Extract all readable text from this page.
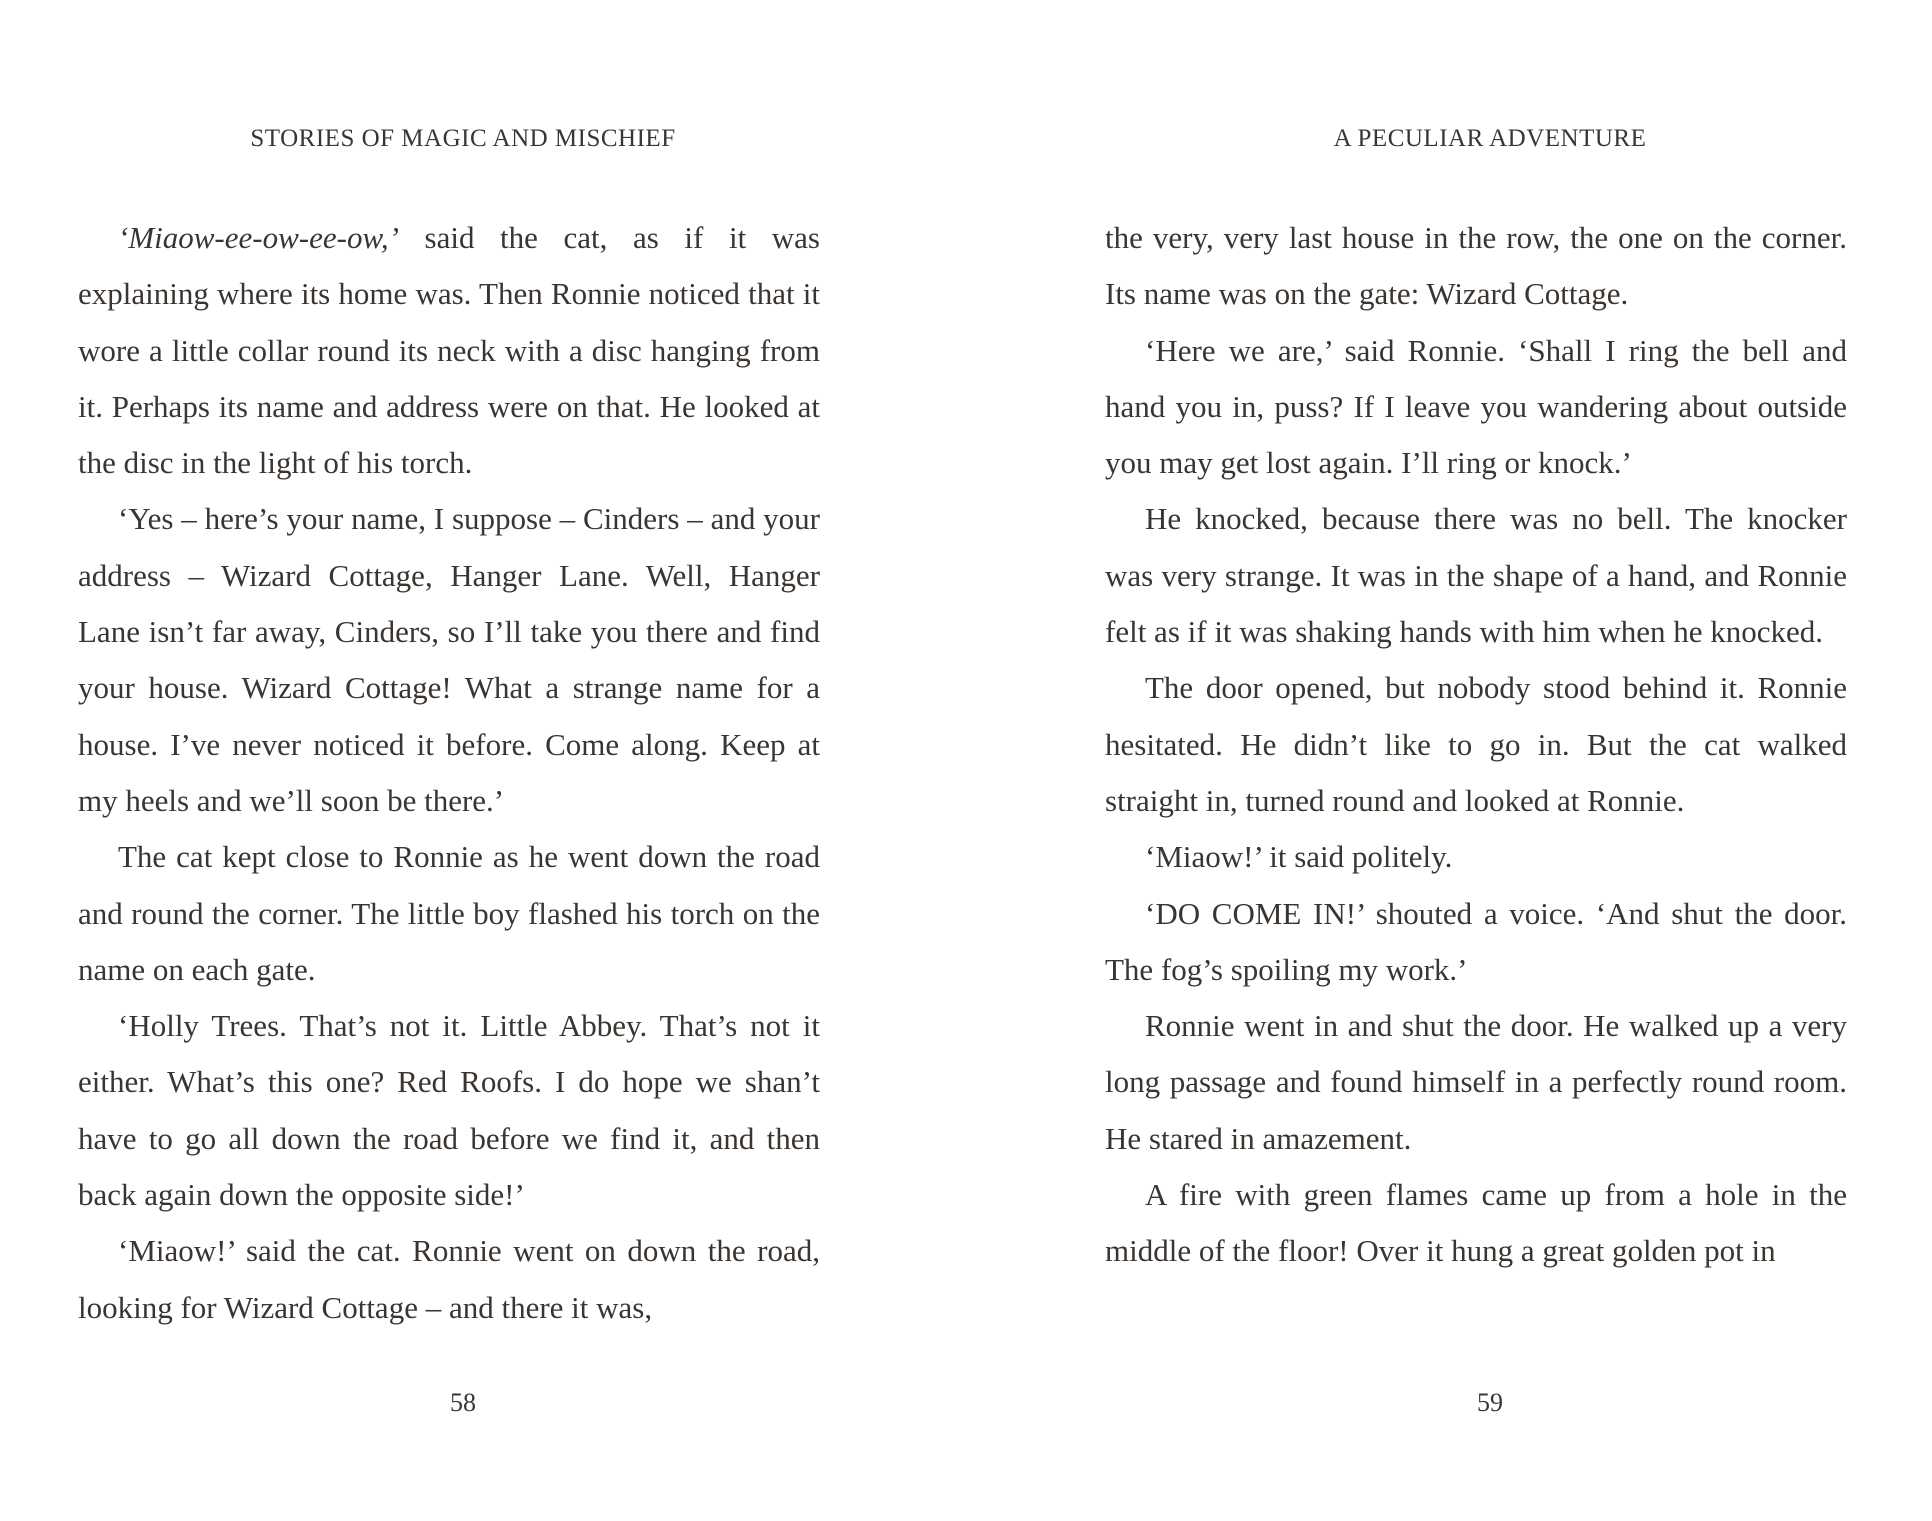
STORIES OF MAGIC AND MISCHIEF

‘Miaow-ee-ow-ee-ow,’ said the cat, as if it was explaining where its home was. Then Ronnie noticed that it wore a little collar round its neck with a disc hanging from it. Perhaps its name and address were on that. He looked at the disc in the light of his torch.

‘Yes – here’s your name, I suppose – Cinders – and your address – Wizard Cottage, Hanger Lane. Well, Hanger Lane isn’t far away, Cinders, so I’ll take you there and find your house. Wizard Cottage! What a strange name for a house. I’ve never noticed it before. Come along. Keep at my heels and we’ll soon be there.’

The cat kept close to Ronnie as he went down the road and round the corner. The little boy flashed his torch on the name on each gate.

‘Holly Trees. That’s not it. Little Abbey. That’s not it either. What’s this one? Red Roofs. I do hope we shan’t have to go all down the road before we find it, and then back again down the opposite side!’

‘Miaow!’ said the cat. Ronnie went on down the road, looking for Wizard Cottage – and there it was,

58
A PECULIAR ADVENTURE

the very, very last house in the row, the one on the corner. Its name was on the gate: Wizard Cottage.

‘Here we are,’ said Ronnie. ‘Shall I ring the bell and hand you in, puss? If I leave you wandering about outside you may get lost again. I’ll ring or knock.’

He knocked, because there was no bell. The knocker was very strange. It was in the shape of a hand, and Ronnie felt as if it was shaking hands with him when he knocked.

The door opened, but nobody stood behind it. Ronnie hesitated. He didn’t like to go in. But the cat walked straight in, turned round and looked at Ronnie.

‘Miaow!’ it said politely.

‘DO COME IN!’ shouted a voice. ‘And shut the door. The fog’s spoiling my work.’

Ronnie went in and shut the door. He walked up a very long passage and found himself in a perfectly round room. He stared in amazement.

A fire with green flames came up from a hole in the middle of the floor! Over it hung a great golden pot in

59
